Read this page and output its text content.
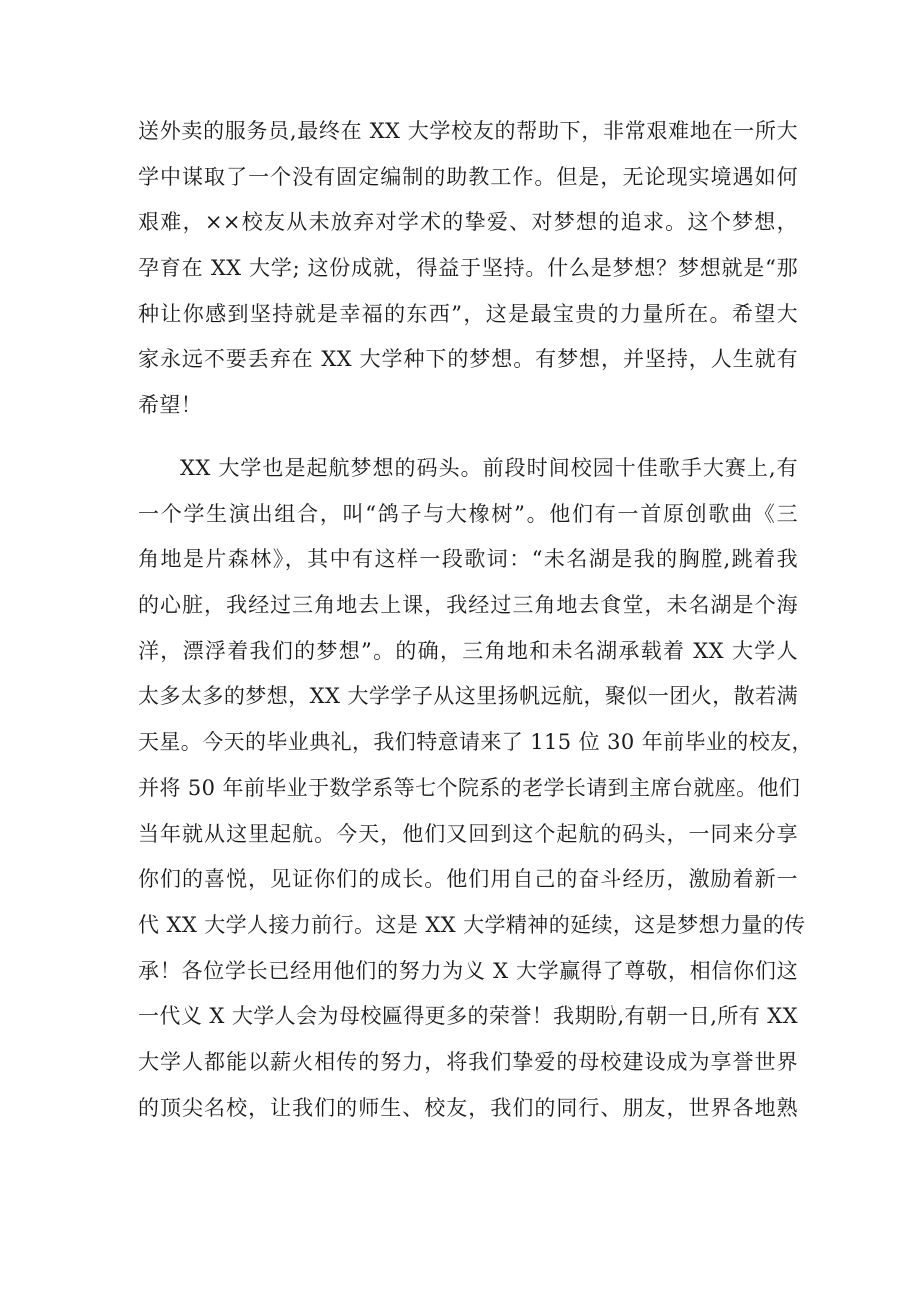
送外卖的服务员,最终在 XX 大学校友的帮助下，非常艰难地在一所大
学中谋取了一个没有固定编制的助教工作。但是，无论现实境遇如何
艰难，××校友从未放弃对学术的挚爱、对梦想的追求。这个梦想，
孕育在 XX 大学; 这份成就，得益于坚持。什么是梦想？梦想就是“那
种让你感到坚持就是幸福的东西”，这是最宝贵的力量所在。希望大
家永远不要丢弃在 XX 大学种下的梦想。有梦想，并坚持，人生就有
希望！

XX 大学也是起航梦想的码头。前段时间校园十佳歌手大赛上,有
一个学生演出组合，叫“鸽子与大橡树”。他们有一首原创歌曲《三
角地是片森林》，其中有这样一段歌词：“未名湖是我的胸膛,跳着我
的心脏，我经过三角地去上课，我经过三角地去食堂，未名湖是个海
洋，漂浮着我们的梦想”。的确，三角地和未名湖承载着 XX 大学人
太多太多的梦想，XX 大学学子从这里扬帆远航，聚似一团火，散若满
天星。今天的毕业典礼，我们特意请来了 115 位 30 年前毕业的校友，
并将 50 年前毕业于数学系等七个院系的老学长请到主席台就座。他们
当年就从这里起航。今天，他们又回到这个起航的码头，一同来分享
你们的喜悦，见证你们的成长。他们用自己的奋斗经历，激励着新一
代 XX 大学人接力前行。这是 XX 大学精神的延续，这是梦想力量的传
承！各位学长已经用他们的努力为义 X 大学赢得了尊敬，相信你们这
一代义 X 大学人会为母校匾得更多的荣誉！我期盼,有朝一日,所有 XX
大学人都能以薪火相传的努力，将我们挚爱的母校建设成为享誉世界
的顶尖名校，让我们的师生、校友，我们的同行、朋友，世界各地熟
